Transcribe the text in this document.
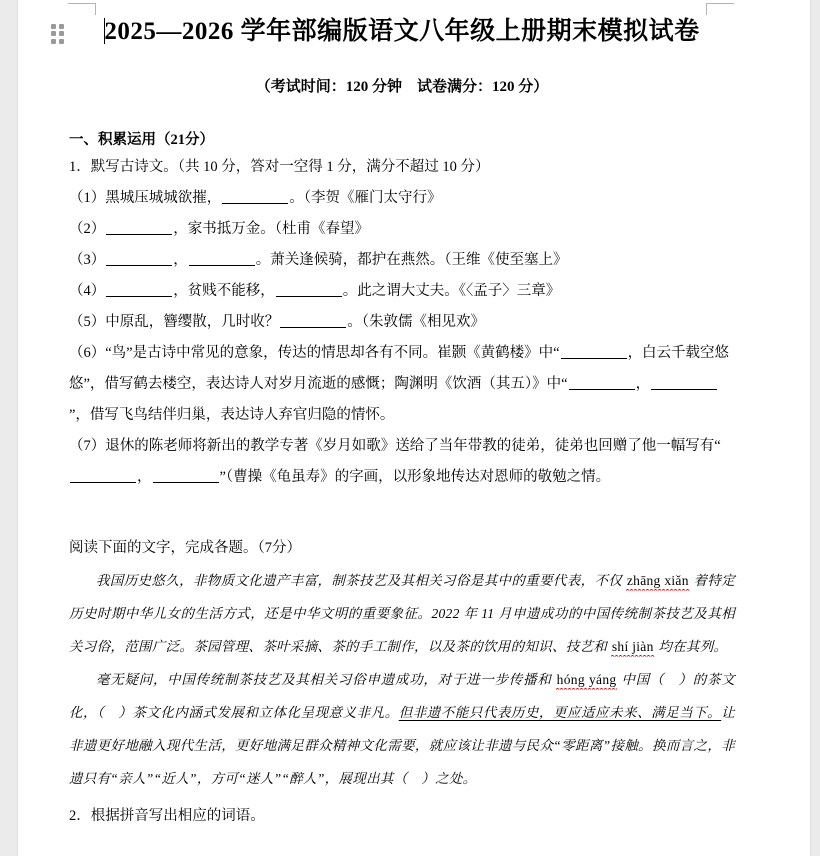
2025—2026 学年部编版语文八年级上册期末模拟试卷

（考试时间：120 分钟　试卷满分：120 分）

一、积累运用（21分）

1．默写古诗文。（共 10 分，答对一空得 1 分，满分不超过 10 分）

（1）黑城压城城欲摧，	。（李贺《雁门太守行》

（2）	，家书抵万金。（杜甫《春望》

（3）	，	。萧关逢候骑，都护在燕然。（王维《使至塞上》

（4）	，贫贱不能移，	。此之谓大丈夫。《〈孟子〉三章》

（5）中原乱，簪缨散，几时收？	。（朱敦儒《相见欢》

（6）“鸟”是古诗中常见的意象，传达的情思却各有不同。崔颢《黄鹤楼》中“	，白云千载空悠悠”，借写鹤去楼空，表达诗人对岁月流逝的感慨；陶渊明《饮酒（其五）》中“	，”，借写飞鸟结伴归巢，表达诗人弃官归隐的情怀。

（7）退休的陈老师将新出的教学专著《岁月如歌》送给了当年带教的徒弟，徒弟也回赠了他一幅写有“，	”（曹操《龟虽寿》的字画，以形象地传达对恩师的敬勉之情。

阅读下面的文字，完成各题。（7分）

我国历史悠久，非物质文化遗产丰富，制茶技艺及其相关习俗是其中的重要代表，不仅 zhāng xiǎn 着特定历史时期中华儿女的生活方式，还是中华文明的重要象征。2022 年 11 月申遗成功的中国传统制茶技艺及其相关习俗，范围广泛。茶园管理、茶叶采摘、茶的手工制作，以及茶的饮用的知识、技艺和 shí jiàn 均在其列。

毫无疑问，中国传统制茶技艺及其相关习俗申遗成功，对于进一步传播和 hóng yáng 中国（　）的茶文化，（　）茶文化内涵式发展和立体化呈现意义非凡。但非遗不能只代表历史，更应适应未来、满足当下。让非遗更好地融入现代生活，更好地满足群众精神文化需要，就应该让非遗与民众“零距离”接触。换而言之，非遗只有“亲人”“近人”，方可“迷人”“醉人”，展现出其（　）之处。

2．根据拼音写出相应的词语。
